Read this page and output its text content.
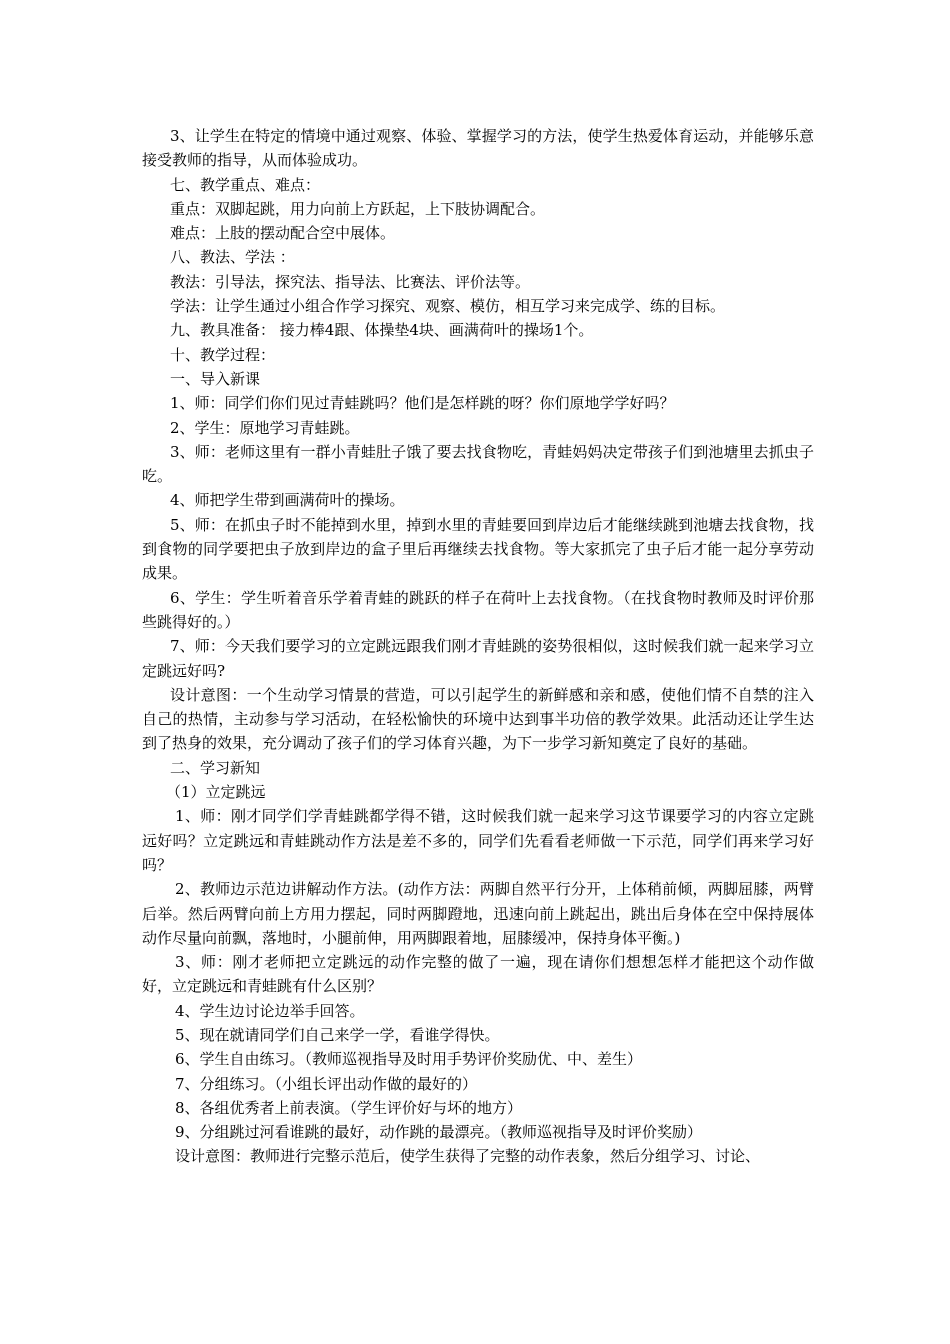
3、让学生在特定的情境中通过观察、体验、掌握学习的方法，使学生热爱体育运动，并能够乐意接受教师的指导，从而体验成功。

七、教学重点、难点：

重点：双脚起跳，用力向前上方跃起，上下肢协调配合。

难点：上肢的摆动配合空中展体。

八、教法、学法 ：

教法：引导法，探究法、指导法、比赛法、评价法等。

学法：让学生通过小组合作学习探究、观察、模仿，相互学习来完成学、练的目标。

九、教具准备： 接力棒4跟、体操垫4块、画满荷叶的操场1个。

十、教学过程：

一、导入新课

1、师：同学们你们见过青蛙跳吗？他们是怎样跳的呀？你们原地学学好吗？

2、学生：原地学习青蛙跳。

3、师：老师这里有一群小青蛙肚子饿了要去找食物吃，青蛙妈妈决定带孩子们到池塘里去抓虫子吃。

4、师把学生带到画满荷叶的操场。

5、师：在抓虫子时不能掉到水里，掉到水里的青蛙要回到岸边后才能继续跳到池塘去找食物，找到食物的同学要把虫子放到岸边的盒子里后再继续去找食物。等大家抓完了虫子后才能一起分享劳动成果。

6、学生：学生听着音乐学着青蛙的跳跃的样子在荷叶上去找食物。（在找食物时教师及时评价那些跳得好的。）

7、师：今天我们要学习的立定跳远跟我们刚才青蛙跳的姿势很相似，这时候我们就一起来学习立定跳远好吗?

设计意图：一个生动学习情景的营造，可以引起学生的新鲜感和亲和感，使他们情不自禁的注入自己的热情，主动参与学习活动，在轻松愉快的环境中达到事半功倍的教学效果。此活动还让学生达到了热身的效果，充分调动了孩子们的学习体育兴趣，为下一步学习新知奠定了良好的基础。

二、学习新知

（1）立定跳远

1、师：刚才同学们学青蛙跳都学得不错，这时候我们就一起来学习这节课要学习的内容立定跳远好吗？立定跳远和青蛙跳动作方法是差不多的，同学们先看看老师做一下示范，同学们再来学习好吗？

2、教师边示范边讲解动作方法。(动作方法：两脚自然平行分开，上体稍前倾，两脚屈膝，两臂后举。然后两臂向前上方用力摆起，同时两脚蹬地，迅速向前上跳起出，跳出后身体在空中保持展体动作尽量向前飘，落地时，小腿前伸，用两脚跟着地，屈膝缓冲，保持身体平衡。)

3、师：刚才老师把立定跳远的动作完整的做了一遍，现在请你们想想怎样才能把这个动作做好，立定跳远和青蛙跳有什么区别？

4、学生边讨论边举手回答。

5、现在就请同学们自己来学一学，看谁学得快。

6、学生自由练习。（教师巡视指导及时用手势评价奖励优、中、差生）

7、分组练习。（小组长评出动作做的最好的）

8、各组优秀者上前表演。（学生评价好与坏的地方）

9、分组跳过河看谁跳的最好，动作跳的最漂亮。（教师巡视指导及时评价奖励）

设计意图：教师进行完整示范后，使学生获得了完整的动作表象，然后分组学习、讨论、
